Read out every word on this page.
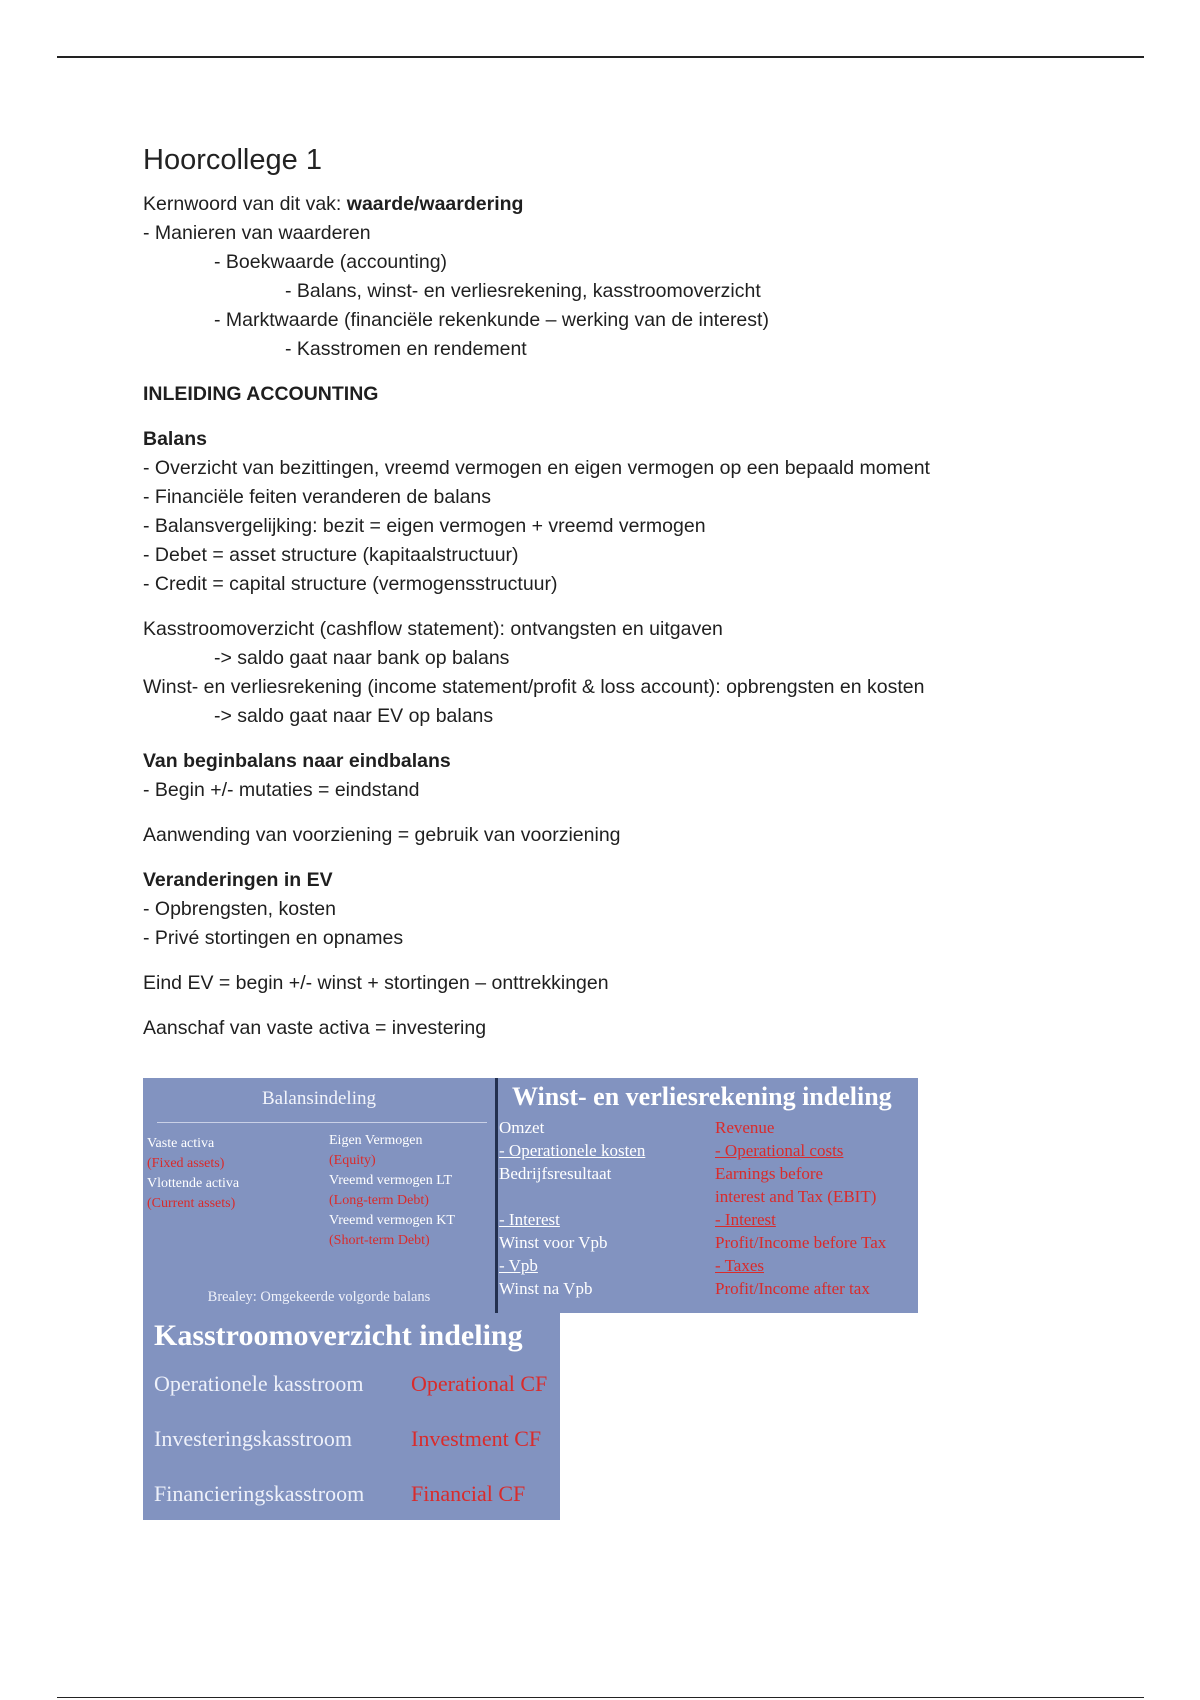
Hoorcollege 1
Kernwoord van dit vak: waarde/waardering
- Manieren van waarderen
- Boekwaarde (accounting)
- Balans, winst- en verliesrekening, kasstroomoverzicht
- Marktwaarde (financiële rekenkunde – werking van de interest)
- Kasstromen en rendement
INLEIDING ACCOUNTING
Balans
- Overzicht van bezittingen, vreemd vermogen en eigen vermogen op een bepaald moment
- Financiële feiten veranderen de balans
- Balansvergelijking: bezit = eigen vermogen + vreemd vermogen
- Debet = asset structure (kapitaalstructuur)
- Credit = capital structure (vermogensstructuur)
Kasstroomoverzicht (cashflow statement): ontvangsten en uitgaven
-> saldo gaat naar bank op balans
Winst- en verliesrekening (income statement/profit & loss account): opbrengsten en kosten
-> saldo gaat naar EV op balans
Van beginbalans naar eindbalans
- Begin +/- mutaties = eindstand
Aanwending van voorziening = gebruik van voorziening
Veranderingen in EV
- Opbrengsten, kosten
- Privé stortingen en opnames
Eind EV = begin +/- winst + stortingen – onttrekkingen
Aanschaf van vaste activa = investering
Balansindeling
Vaste activa
(Fixed assets)
Vlottende activa
(Current assets)
Eigen Vermogen
(Equity)
Vreemd vermogen LT
(Long-term Debt)
Vreemd vermogen KT
(Short-term Debt)
Brealey: Omgekeerde volgorde balans
Winst- en verliesrekening indeling
Omzet
- Operationele kosten
Bedrijfsresultaat

- Interest
Winst voor Vpb
- Vpb
Winst na Vpb
Revenue
- Operational costs
Earnings before
interest and Tax (EBIT)
- Interest
Profit/Income before Tax
- Taxes
Profit/Income after tax
Kasstroomoverzicht indeling
Operationele kasstroom Operational CF
Investeringskasstroom	Investment CF
Financieringskasstroom Financial CF
